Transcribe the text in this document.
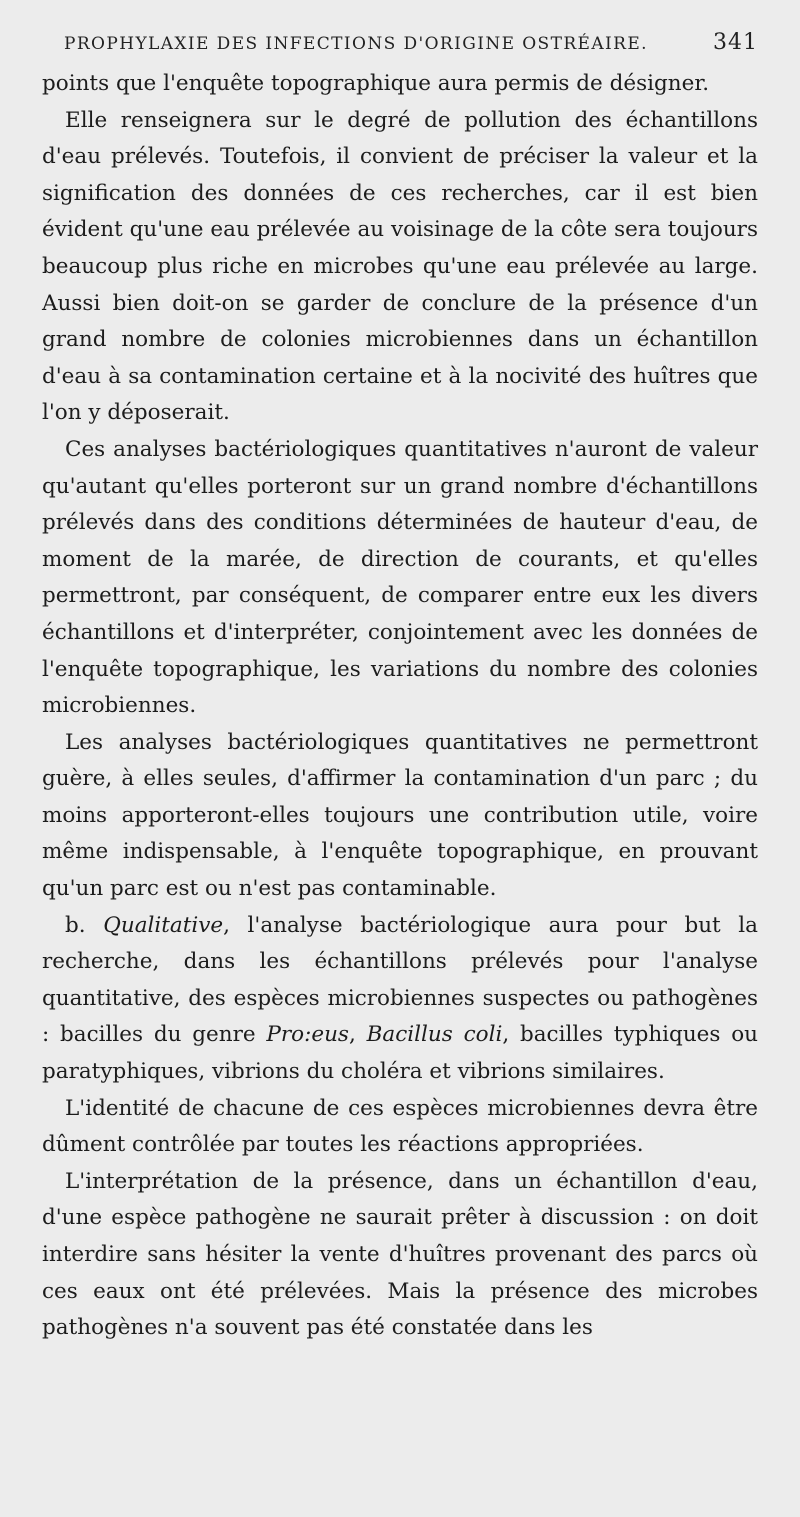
PROPHYLAXIE DES INFECTIONS D'ORIGINE OSTRÉAIRE.	341

points que l'enquête topographique aura permis de désigner.

Elle renseignera sur le degré de pollution des échantillons d'eau prélevés. Toutefois, il convient de préciser la valeur et la signification des données de ces recherches, car il est bien évident qu'une eau prélevée au voisinage de la côte sera toujours beaucoup plus riche en microbes qu'une eau prélevée au large. Aussi bien doit-on se garder de conclure de la présence d'un grand nombre de colonies microbiennes dans un échantillon d'eau à sa contamination certaine et à la nocivité des huîtres que l'on y déposerait.

Ces analyses bactériologiques quantitatives n'auront de valeur qu'autant qu'elles porteront sur un grand nombre d'échantillons prélevés dans des conditions déterminées de hauteur d'eau, de moment de la marée, de direction de courants, et qu'elles permettront, par conséquent, de comparer entre eux les divers échantillons et d'interpréter, conjointement avec les données de l'enquête topographique, les variations du nombre des colonies microbiennes.

Les analyses bactériologiques quantitatives ne permettront guère, à elles seules, d'affirmer la contamination d'un parc ; du moins apporteront-elles toujours une contribution utile, voire même indispensable, à l'enquête topographique, en prouvant qu'un parc est ou n'est pas contaminable.

b. Qualitative, l'analyse bactériologique aura pour but la recherche, dans les échantillons prélevés pour l'analyse quantitative, des espèces microbiennes suspectes ou pathogènes : bacilles du genre Pro:eus, Bacillus coli, bacilles typhiques ou paratyphiques, vibrions du choléra et vibrions similaires.

L'identité de chacune de ces espèces microbiennes devra être dûment contrôlée par toutes les réactions appropriées.

L'interprétation de la présence, dans un échantillon d'eau, d'une espèce pathogène ne saurait prêter à discussion : on doit interdire sans hésiter la vente d'huîtres provenant des parcs où ces eaux ont été prélevées. Mais la présence des microbes pathogènes n'a souvent pas été constatée dans les
